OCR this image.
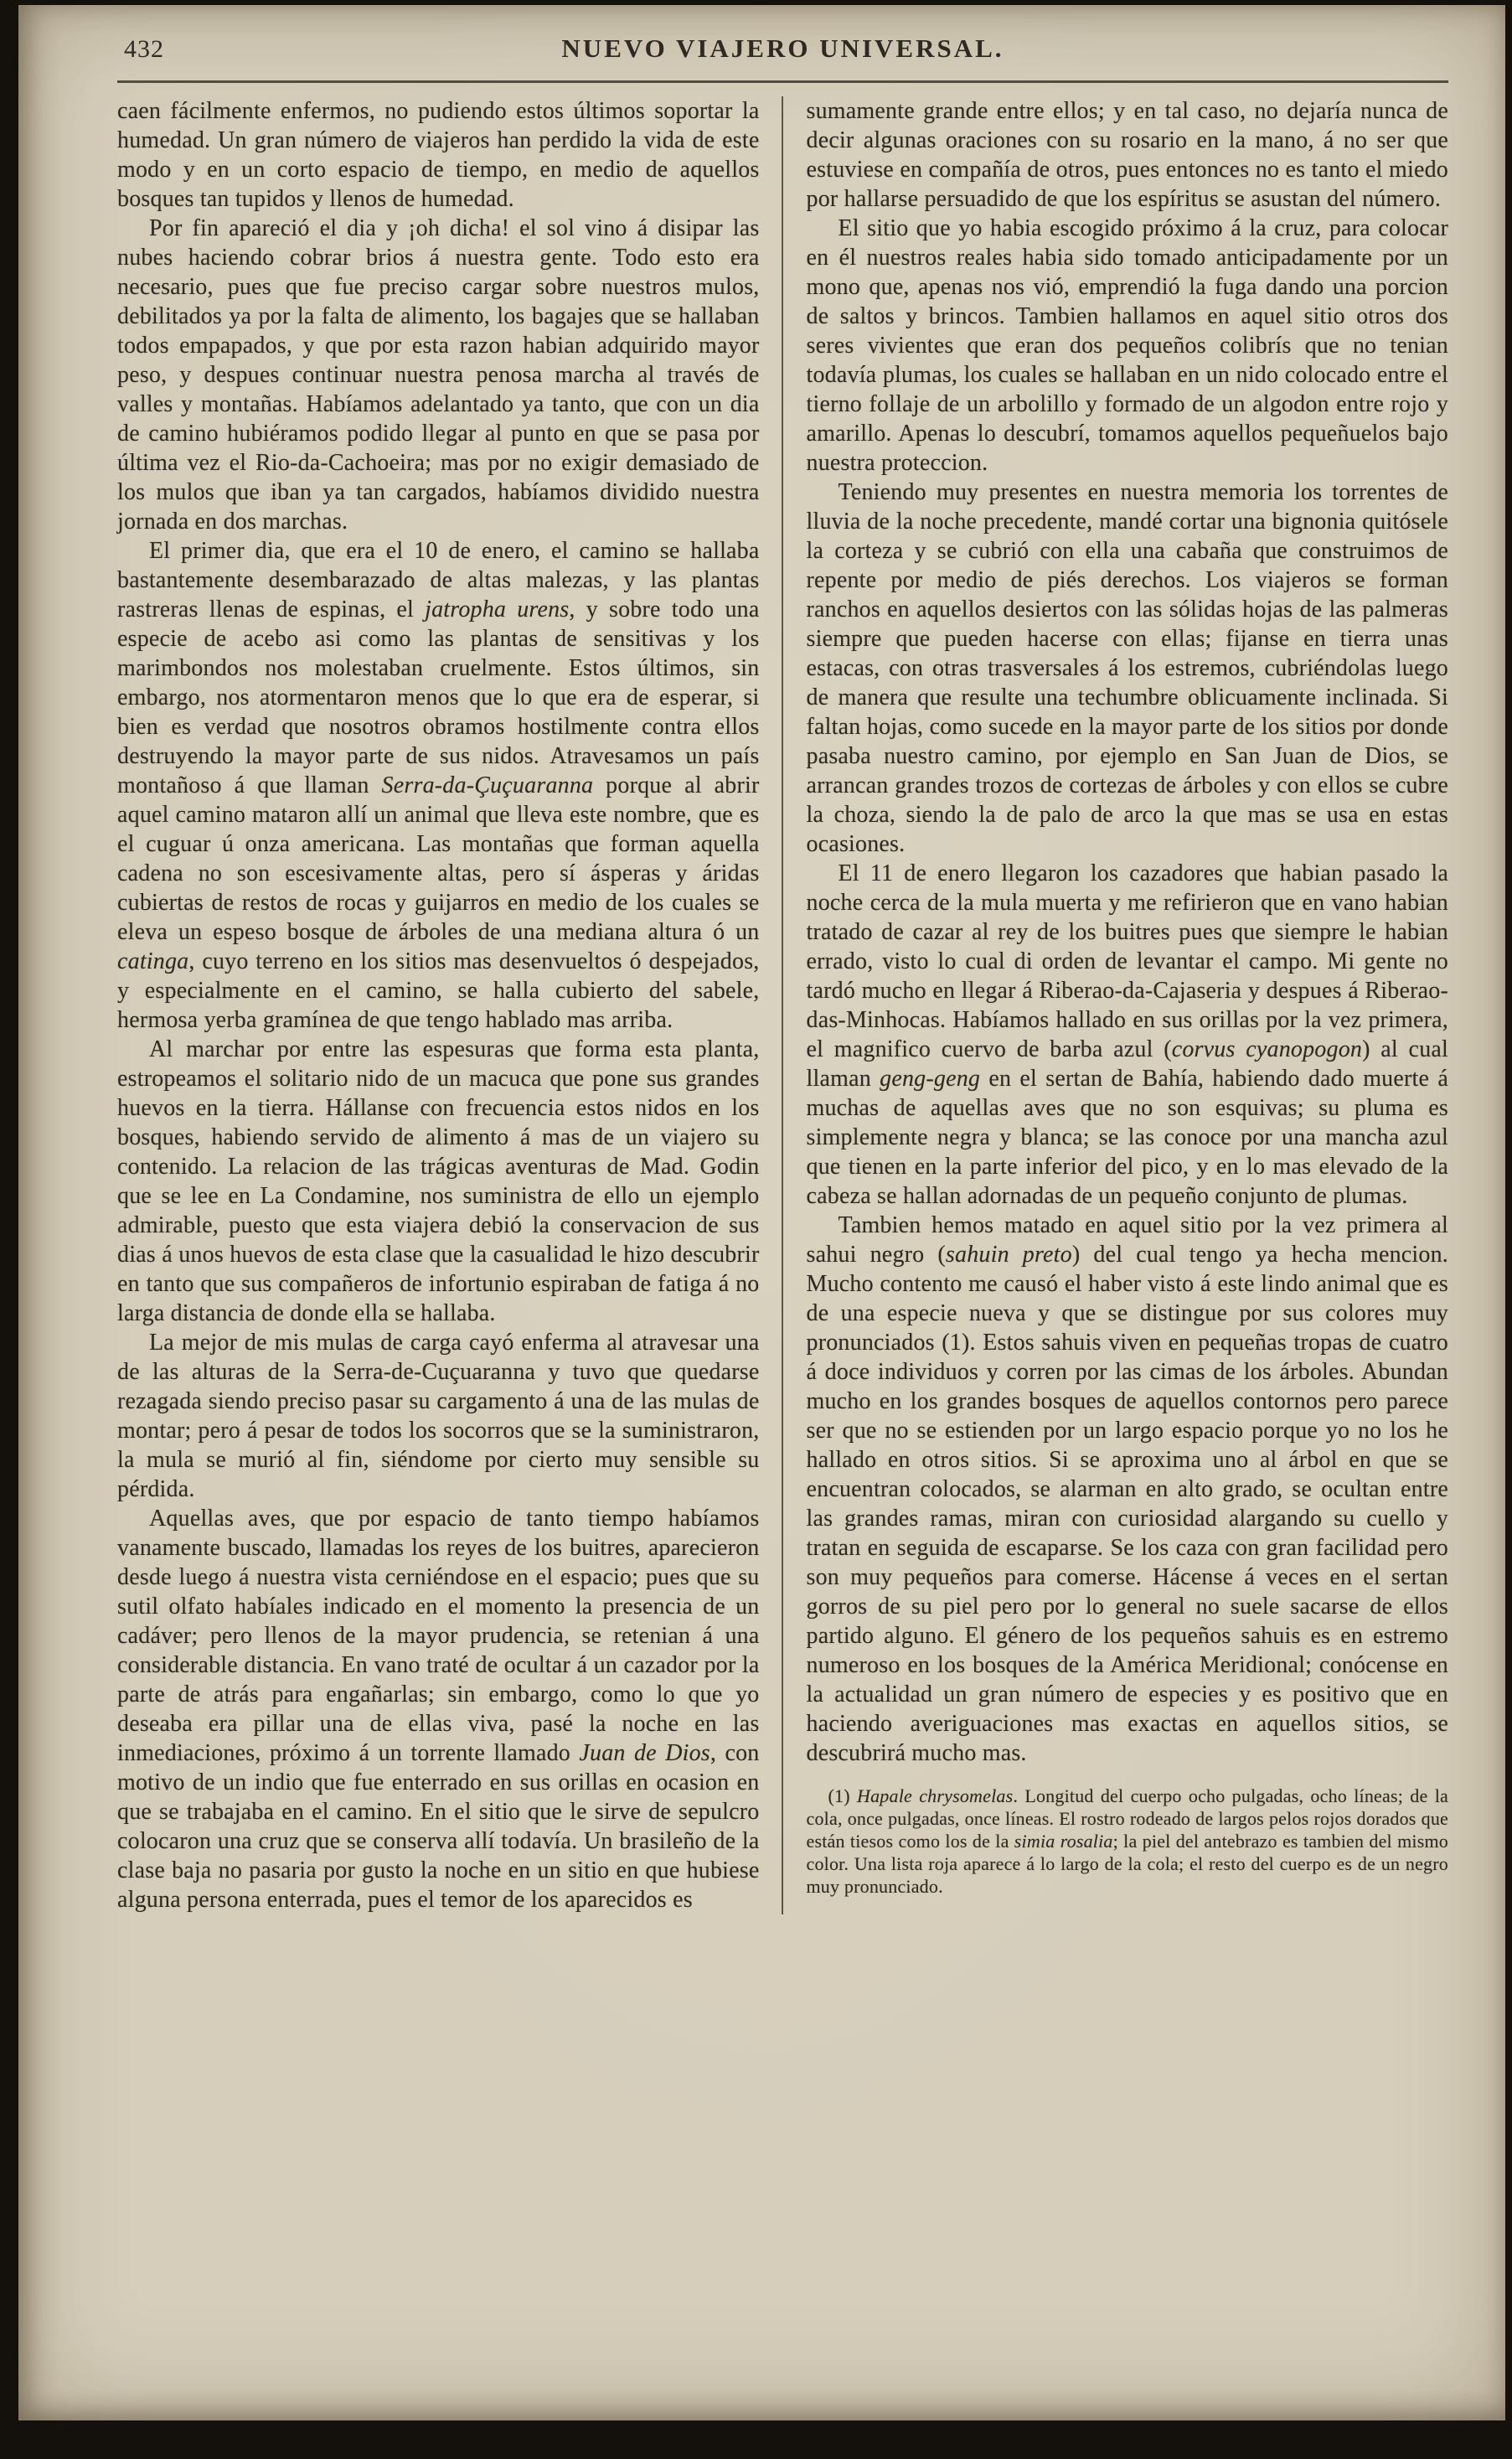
432	NUEVO VIAJERO UNIVERSAL.

caen fácilmente enfermos, no pudiendo estos últimos soportar la humedad. Un gran número de viajeros han perdido la vida de este modo y en un corto espacio de tiempo, en medio de aquellos bosques tan tupidos y llenos de humedad.

Por fin apareció el dia y ¡oh dicha! el sol vino á disipar las nubes haciendo cobrar brios á nuestra gente. Todo esto era necesario, pues que fue preciso cargar sobre nuestros mulos, debilitados ya por la falta de alimento, los bagajes que se hallaban todos empapados, y que por esta razon habian adquirido mayor peso, y despues continuar nuestra penosa marcha al través de valles y montañas. Habíamos adelantado ya tanto, que con un dia de camino hubiéramos podido llegar al punto en que se pasa por última vez el Rio-da-Cachoeira; mas por no exigir demasiado de los mulos que iban ya tan cargados, habíamos dividido nuestra jornada en dos marchas.

El primer dia, que era el 10 de enero, el camino se hallaba bastantemente desembarazado de altas malezas, y las plantas rastreras llenas de espinas, el jatropha urens, y sobre todo una especie de acebo asi como las plantas de sensitivas y los marimbondos nos molestaban cruelmente. Estos últimos, sin embargo, nos atormentaron menos que lo que era de esperar, si bien es verdad que nosotros obramos hostilmente contra ellos destruyendo la mayor parte de sus nidos. Atravesamos un país montañoso á que llaman Serra-da-Çuçuaranna porque al abrir aquel camino mataron allí un animal que lleva este nombre, que es el cuguar ú onza americana. Las montañas que forman aquella cadena no son escesivamente altas, pero sí ásperas y áridas cubiertas de restos de rocas y guijarros en medio de los cuales se eleva un espeso bosque de árboles de una mediana altura ó un catinga, cuyo terreno en los sitios mas desenvueltos ó despejados, y especialmente en el camino, se halla cubierto del sabele, hermosa yerba gramínea de que tengo hablado mas arriba.

Al marchar por entre las espesuras que forma esta planta, estropeamos el solitario nido de un macuca que pone sus grandes huevos en la tierra. Hállanse con frecuencia estos nidos en los bosques, habiendo servido de alimento á mas de un viajero su contenido. La relacion de las trágicas aventuras de Mad. Godin que se lee en La Condamine, nos suministra de ello un ejemplo admirable, puesto que esta viajera debió la conservacion de sus dias á unos huevos de esta clase que la casualidad le hizo descubrir en tanto que sus compañeros de infortunio espiraban de fatiga á no larga distancia de donde ella se hallaba.

La mejor de mis mulas de carga cayó enferma al atravesar una de las alturas de la Serra-de-Cuçuaranna y tuvo que quedarse rezagada siendo preciso pasar su cargamento á una de las mulas de montar; pero á pesar de todos los socorros que se la suministraron, la mula se murió al fin, siéndome por cierto muy sensible su pérdida.

Aquellas aves, que por espacio de tanto tiempo habíamos vanamente buscado, llamadas los reyes de los buitres, aparecieron desde luego á nuestra vista cerniéndose en el espacio; pues que su sutil olfato habíales indicado en el momento la presencia de un cadáver; pero llenos de la mayor prudencia, se retenian á una considerable distancia. En vano traté de ocultar á un cazador por la parte de atrás para engañarlas; sin embargo, como lo que yo deseaba era pillar una de ellas viva, pasé la noche en las inmediaciones, próximo á un torrente llamado Juan de Dios, con motivo de un indio que fue enterrado en sus orillas en ocasion en que se trabajaba en el camino. En el sitio que le sirve de sepulcro colocaron una cruz que se conserva allí todavía. Un brasileño de la clase baja no pasaria por gusto la noche en un sitio en que hubiese alguna persona enterrada, pues el temor de los aparecidos es

sumamente grande entre ellos; y en tal caso, no dejaría nunca de decir algunas oraciones con su rosario en la mano, á no ser que estuviese en compañía de otros, pues entonces no es tanto el miedo por hallarse persuadido de que los espíritus se asustan del número.

El sitio que yo habia escogido próximo á la cruz, para colocar en él nuestros reales habia sido tomado anticipadamente por un mono que, apenas nos vió, emprendió la fuga dando una porcion de saltos y brincos. Tambien hallamos en aquel sitio otros dos seres vivientes que eran dos pequeños colibrís que no tenian todavía plumas, los cuales se hallaban en un nido colocado entre el tierno follaje de un arbolillo y formado de un algodon entre rojo y amarillo. Apenas lo descubrí, tomamos aquellos pequeñuelos bajo nuestra proteccion.

Teniendo muy presentes en nuestra memoria los torrentes de lluvia de la noche precedente, mandé cortar una bignonia quitósele la corteza y se cubrió con ella una cabaña que construimos de repente por medio de piés derechos. Los viajeros se forman ranchos en aquellos desiertos con las sólidas hojas de las palmeras siempre que pueden hacerse con ellas; fijanse en tierra unas estacas, con otras trasversales á los estremos, cubriéndolas luego de manera que resulte una techumbre oblicuamente inclinada. Si faltan hojas, como sucede en la mayor parte de los sitios por donde pasaba nuestro camino, por ejemplo en San Juan de Dios, se arrancan grandes trozos de cortezas de árboles y con ellos se cubre la choza, siendo la de palo de arco la que mas se usa en estas ocasiones.

El 11 de enero llegaron los cazadores que habian pasado la noche cerca de la mula muerta y me refirieron que en vano habian tratado de cazar al rey de los buitres pues que siempre le habian errado, visto lo cual di orden de levantar el campo. Mi gente no tardó mucho en llegar á Riberao-da-Cajaseria y despues á Riberao-das-Minhocas. Habíamos hallado en sus orillas por la vez primera, el magnifico cuervo de barba azul (corvus cyanopogon) al cual llaman geng-geng en el sertan de Bahía, habiendo dado muerte á muchas de aquellas aves que no son esquivas; su pluma es simplemente negra y blanca; se las conoce por una mancha azul que tienen en la parte inferior del pico, y en lo mas elevado de la cabeza se hallan adornadas de un pequeño conjunto de plumas.

Tambien hemos matado en aquel sitio por la vez primera al sahui negro (sahuin preto) del cual tengo ya hecha mencion. Mucho contento me causó el haber visto á este lindo animal que es de una especie nueva y que se distingue por sus colores muy pronunciados (1). Estos sahuis viven en pequeñas tropas de cuatro á doce individuos y corren por las cimas de los árboles. Abundan mucho en los grandes bosques de aquellos contornos pero parece ser que no se estienden por un largo espacio porque yo no los he hallado en otros sitios. Si se aproxima uno al árbol en que se encuentran colocados, se alarman en alto grado, se ocultan entre las grandes ramas, miran con curiosidad alargando su cuello y tratan en seguida de escaparse. Se los caza con gran facilidad pero son muy pequeños para comerse. Hácense á veces en el sertan gorros de su piel pero por lo general no suele sacarse de ellos partido alguno. El género de los pequeños sahuis es en estremo numeroso en los bosques de la América Meridional; conócense en la actualidad un gran número de especies y es positivo que en haciendo averiguaciones mas exactas en aquellos sitios, se descubrirá mucho mas.

(1) Hapale chrysomelas. Longitud del cuerpo ocho pulgadas, ocho líneas; de la cola, once pulgadas, once líneas. El rostro rodeado de largos pelos rojos dorados que están tiesos como los de la simia rosalia; la piel del antebrazo es tambien del mismo color. Una lista roja aparece á lo largo de la cola; el resto del cuerpo es de un negro muy pronunciado.
